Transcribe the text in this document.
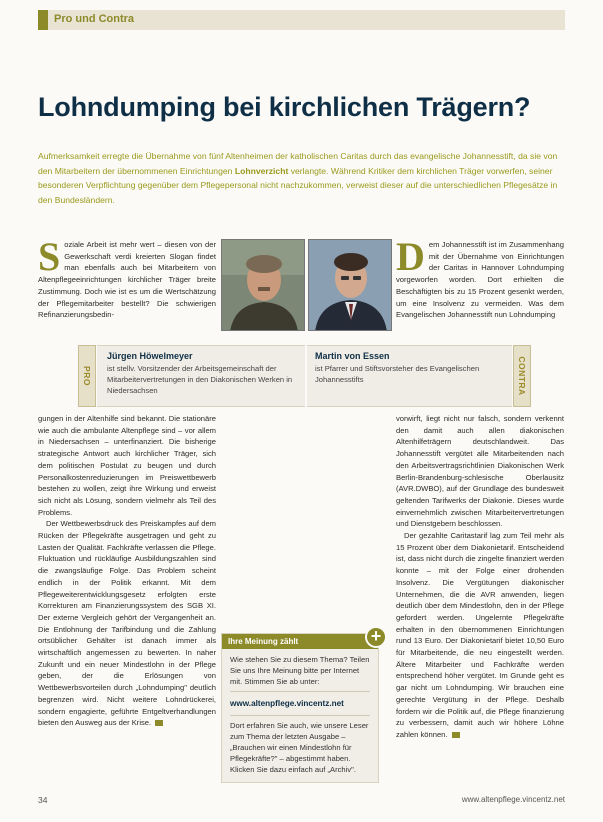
Pro und Contra
Lohndumping bei kirchlichen Trägern?
Aufmerksamkeit erregte die Übernahme von fünf Altenheimen der katholischen Caritas durch das evangelische Johannesstift, da sie von den Mitarbeitern der übernommenen Einrichtungen Lohnverzicht verlangte. Während Kritiker dem kirchlichen Träger vorwerfen, seiner besonderen Verpflichtung gegenüber dem Pflegepersonal nicht nachzukommen, verweist dieser auf die unterschiedlichen Pflegesätze in den Bundesländern.
S oziale Arbeit ist mehr wert – diesen von der Gewerkschaft verdi kreierten Slogan findet man ebenfalls auch bei Mitarbeitern von Altenpflegeeinrichtungen kirchlicher Träger breite Zustimmung. Doch wie ist es um die Wertschätzung der Pflegemitarbeiter bestellt? Die schwierigen Refinanzierungsbedin-
D em Johannesstift ist im Zusammenhang mit der Übernahme von Einrichtungen der Caritas in Hannover Lohndumping vorgeworfen worden. Dort erhielten die Beschäftigten bis zu 15 Prozent gesenkt werden, um eine Insolvenz zu vermeiden. Was dem Evangelischen Johannesstift nun Lohndumping
PRO
Jürgen Höwelmeyer
ist stellv. Vorsitzender der Arbeitsgemeinschaft der Mitarbeitervertretungen in den Diakonischen Werken in Niedersachsen
Martin von Essen
ist Pfarrer und Stiftsvorsteher des Evangelischen Johannesstifts	CONTRA

gungen in der Altenhilfe sind bekannt. Die stationäre wie auch die ambulante Altenpflege sind – vor allem in Niedersachsen – unterfinanziert. Die bisherige strategische Antwort auch kirchlicher Träger, sich dem politischen Postulat zu beugen und durch Personalkostenreduzierungen im Preiswettbewerb bestehen zu wollen, zeigt ihre Wirkung und erweist sich nicht als Lösung, sondern vielmehr als Teil des Problems.

Der Wettbewerbsdruck des Preiskampfes auf dem Rücken der Pflegekräfte ausgetragen und geht zu Lasten der Qualität. Fachkräfte verlassen die Pflege. Fluktuation und rückläufige Ausbildungszahlen sind die zwangsläufige Folge. Das Problem scheint endlich in der Politik erkannt. Mit dem Pflegeweiterentwicklungsgesetz erfolgten erste Korrekturen am Finanzierungssystem des SGB XI. Der externe Vergleich gehört der Vergangenheit an. Die Entlohnung der Tarifbindung und die Zahlung ortsüblicher Gehälter ist danach immer als wirtschaftlich angemessen zu bewerten. In naher Zukunft und ein neuer Mindestlohn in der Pflege geben, der die Erlösungen von Wettbewerbsvorteilen durch „Lohndumping" deutlich begrenzen wird. Nicht weitere Lohndrückerei, sondern engagierte, geführte Entgeltverhandlungen bieten den Ausweg aus der Krise.

Ihre Meinung zählt	+

Wie stehen Sie zu diesem Thema? Teilen Sie uns Ihre Meinung bitte per Internet mit. Stimmen Sie ab unter:

www.altenpflege.vincentz.net

Dort erfahren Sie auch, wie unsere Leser zum Thema der letzten Ausgabe – „Brauchen wir einen Mindestlohn für Pflegekräfte?" – abgestimmt haben. Klicken Sie dazu einfach auf „Archiv".

vorwirft, liegt nicht nur falsch, sondern verkennt den damit auch allen diakonischen Altenhilfeträgern deutschlandweit. Das Johannesstift vergütet alle Mitarbeitenden nach den Arbeitsvertragsrichtlinien Diakonischen Werk Berlin-Brandenburg-schlesische Oberlausitz (AVR.DWBO), auf der Grundlage des bundesweit geltenden Tarifwerks der Diakonie. Dieses wurde einvernehmlich zwischen Mitarbeitervertretungen und Dienstgebern beschlossen.

Der gezahlte Caritastarif lag zum Teil mehr als 15 Prozent über dem Diakonietarif. Entscheidend ist, dass nicht durch die zingelte finanziert werden konnte – mit der Folge einer drohenden Insolvenz. Die Vergütungen diakonischer Unternehmen, die die AVR anwenden, liegen deutlich über dem Mindestlohn, den in der Pflege gefordert werden. Ungelernte Pflegekräfte erhalten in den übernommenen Einrichtungen rund 13 Euro. Der Diakonietarif bietet 10,50 Euro für Mitarbeitende, die neu eingestellt werden. Ältere Mitarbeiter und Fachkräfte werden entsprechend höher vergütet. Im Grunde geht es gar nicht um Lohndumping. Wir brauchen eine gerechte Vergütung in der Pflege. Deshalb fordern wir die Politik auf, die Pflege finanzierung zu verbessern, damit auch wir höhere Löhne zahlen können.

34	www.altenpflege.vincentz.net
